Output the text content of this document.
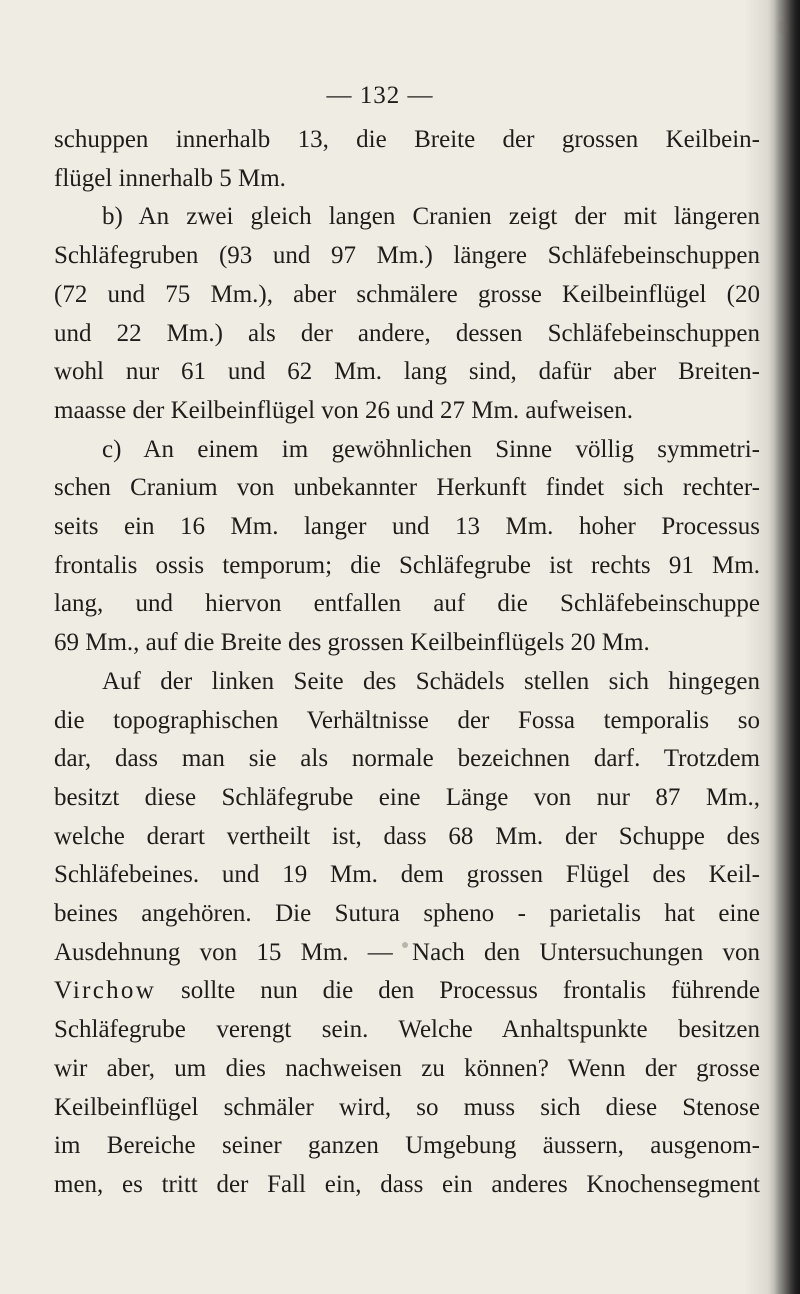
— 132 —
schuppen innerhalb 13, die Breite der grossen Keilbein-
flügel innerhalb 5 Mm.
b) An zwei gleich langen Cranien zeigt der mit längeren
Schläfegruben (93 und 97 Mm.) längere Schläfebeinschuppen
(72 und 75 Mm.), aber schmälere grosse Keilbeinflügel (20
und 22 Mm.) als der andere, dessen Schläfebeinschuppen
wohl nur 61 und 62 Mm. lang sind, dafür aber Breiten-
maasse der Keilbeinflügel von 26 und 27 Mm. aufweisen.
c) An einem im gewöhnlichen Sinne völlig symmetri-
schen Cranium von unbekannter Herkunft findet sich rechter-
seits ein 16 Mm. langer und 13 Mm. hoher Processus
frontalis ossis temporum; die Schläfegrube ist rechts 91 Mm.
lang, und hiervon entfallen auf die Schläfebeinschuppe
69 Mm., auf die Breite des grossen Keilbeinflügels 20 Mm.
Auf der linken Seite des Schädels stellen sich hingegen
die topographischen Verhältnisse der Fossa temporalis so
dar, dass man sie als normale bezeichnen darf. Trotzdem
besitzt diese Schläfegrube eine Länge von nur 87 Mm.,
welche derart vertheilt ist, dass 68 Mm. der Schuppe des
Schläfebeines. und 19 Mm. dem grossen Flügel des Keil-
beines angehören. Die Sutura spheno - parietalis hat eine
Ausdehnung von 15 Mm. — Nach den Untersuchungen von
Virchow sollte nun die den Processus frontalis führende
Schläfegrube verengt sein. Welche Anhaltspunkte besitzen
wir aber, um dies nachweisen zu können? Wenn der grosse
Keilbeinflügel schmäler wird, so muss sich diese Stenose
im Bereiche seiner ganzen Umgebung äussern, ausgenom-
men, es tritt der Fall ein, dass ein anderes Knochensegment
